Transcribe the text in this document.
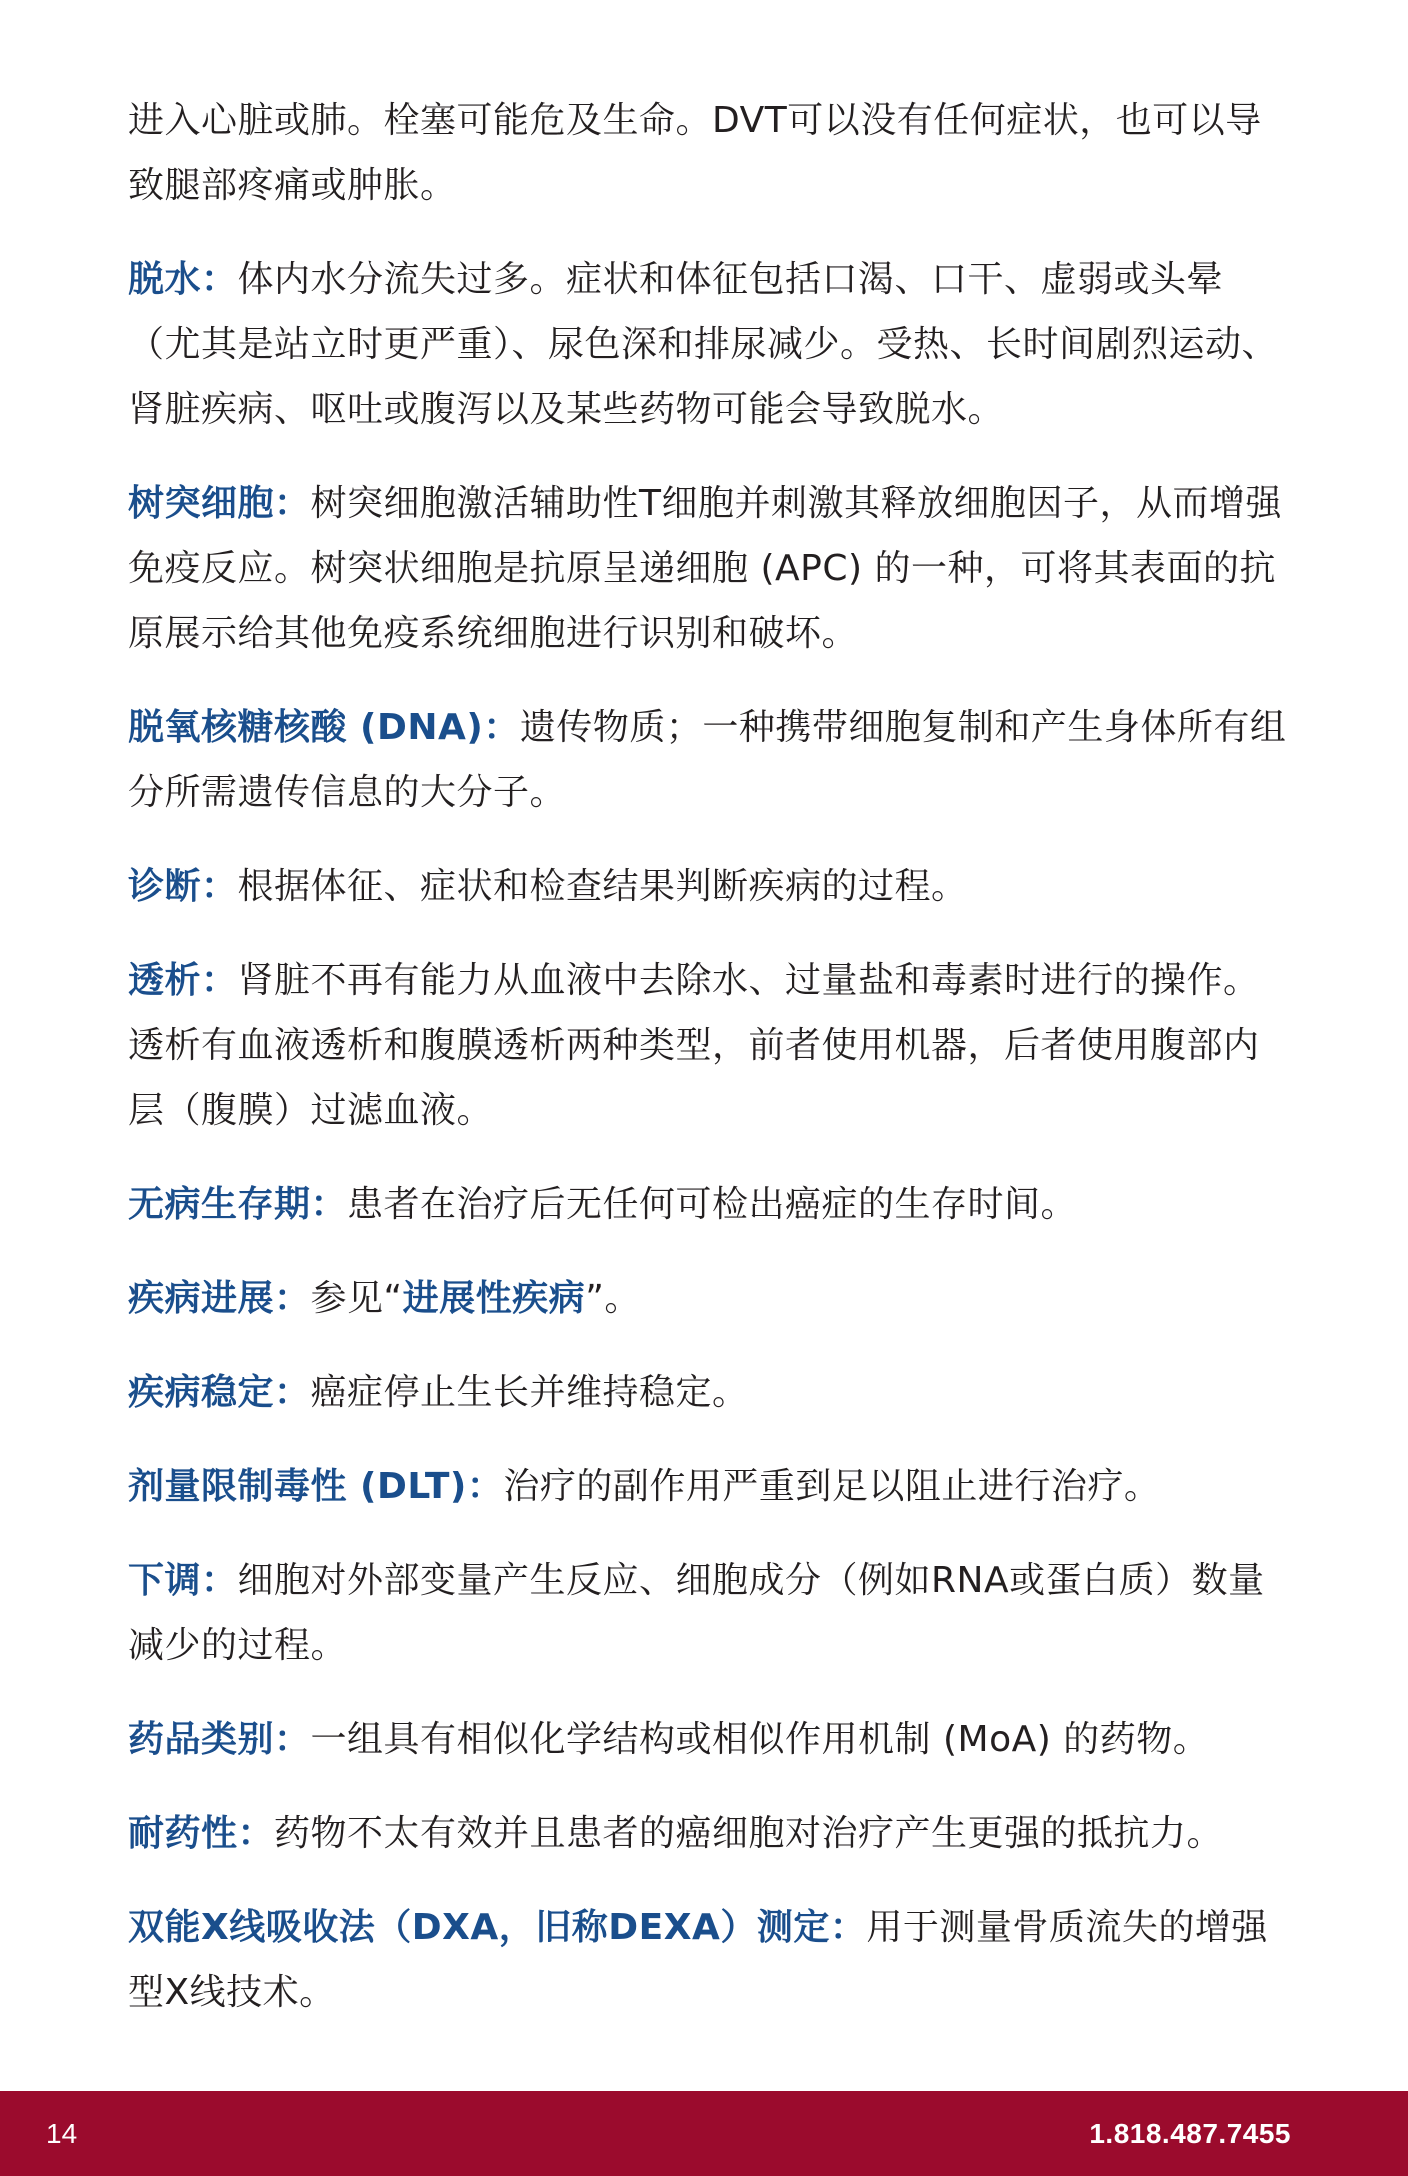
进入心脏或肺。栓塞可能危及生命。DVT可以没有任何症状，也可以导致腿部疼痛或肿胀。

脱水：体内水分流失过多。症状和体征包括口渴、口干、虚弱或头晕（尤其是站立时更严重）、尿色深和排尿减少。受热、长时间剧烈运动、肾脏疾病、呕吐或腹泻以及某些药物可能会导致脱水。

树突细胞：树突细胞激活辅助性T细胞并刺激其释放细胞因子，从而增强免疫反应。树突状细胞是抗原呈递细胞 (APC) 的一种，可将其表面的抗原展示给其他免疫系统细胞进行识别和破坏。

脱氧核糖核酸 (DNA)：遗传物质；一种携带细胞复制和产生身体所有组分所需遗传信息的大分子。

诊断：根据体征、症状和检查结果判断疾病的过程。

透析：肾脏不再有能力从血液中去除水、过量盐和毒素时进行的操作。透析有血液透析和腹膜透析两种类型，前者使用机器，后者使用腹部内层（腹膜）过滤血液。

无病生存期：患者在治疗后无任何可检出癌症的生存时间。

疾病进展：参见“进展性疾病”。

疾病稳定：癌症停止生长并维持稳定。

剂量限制毒性 (DLT)：治疗的副作用严重到足以阻止进行治疗。

下调：细胞对外部变量产生反应、细胞成分（例如RNA或蛋白质）数量减少的过程。

药品类别：一组具有相似化学结构或相似作用机制 (MoA) 的药物。

耐药性：药物不太有效并且患者的癌细胞对治疗产生更强的抵抗力。

双能X线吸收法（DXA，旧称DEXA）测定：用于测量骨质流失的增强型X线技术。

14	1.818.487.7455
